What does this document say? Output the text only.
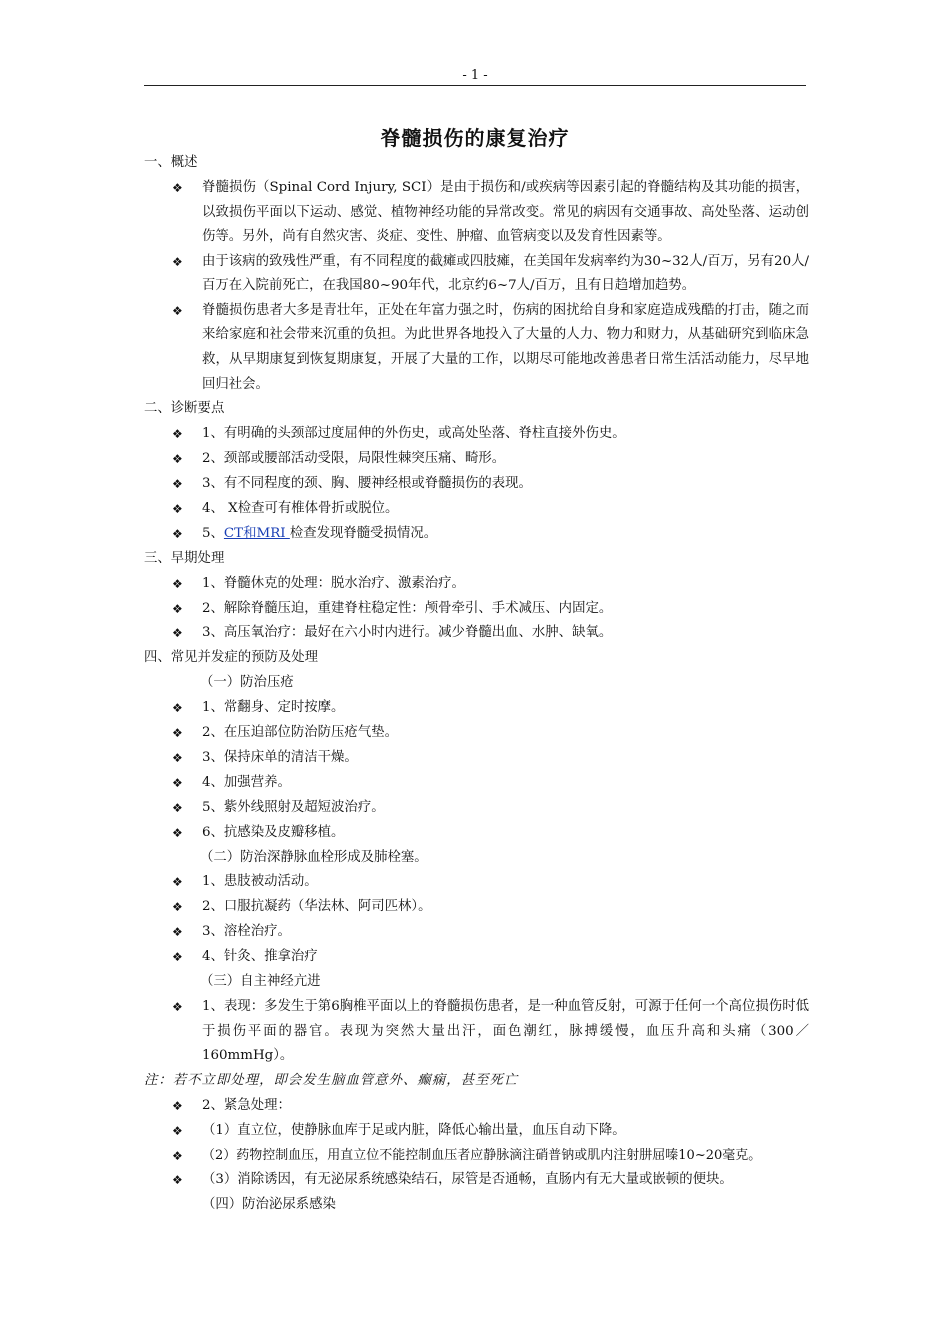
- 1 -
脊髓损伤的康复治疗

一、概述

❖ 脊髓损伤（Spinal Cord Injury, SCI）是由于损伤和/或疾病等因素引起的脊髓结构及其功能的损害，以致损伤平面以下运动、感觉、植物神经功能的异常改变。常见的病因有交通事故、高处坠落、运动创伤等。另外，尚有自然灾害、炎症、变性、肿瘤、血管病变以及发育性因素等。
❖ 由于该病的致残性严重，有不同程度的截瘫或四肢瘫，在美国年发病率约为30~32人/百万，另有20人/百万在入院前死亡，在我国80~90年代，北京约6~7人/百万，且有日趋增加趋势。
❖ 脊髓损伤患者大多是青壮年，正处在年富力强之时，伤病的困扰给自身和家庭造成残酷的打击，随之而来给家庭和社会带来沉重的负担。为此世界各地投入了大量的人力、物力和财力，从基础研究到临床急救，从早期康复到恢复期康复，开展了大量的工作，以期尽可能地改善患者日常生活活动能力，尽早地回归社会。

二、诊断要点

❖ 1、有明确的头颈部过度屈伸的外伤史，或高处坠落、脊柱直接外伤史。
❖ 2、颈部或腰部活动受限，局限性棘突压痛、畸形。
❖ 3、有不同程度的颈、胸、腰神经根或脊髓损伤的表现。
❖ 4、 X检查可有椎体骨折或脱位。
❖ 5、CT和MRI 检查发现脊髓受损情况。

三、早期处理

❖ 1、脊髓休克的处理：脱水治疗、激素治疗。
❖ 2、解除脊髓压迫，重建脊柱稳定性：颅骨牵引、手术减压、内固定。
❖ 3、高压氧治疗：最好在六小时内进行。减少脊髓出血、水肿、缺氧。

四、常见并发症的预防及处理

（一）防治压疮

❖ 1、常翻身、定时按摩。
❖ 2、在压迫部位防治防压疮气垫。
❖ 3、保持床单的清洁干燥。
❖ 4、加强营养。
❖ 5、紫外线照射及超短波治疗。
❖ 6、抗感染及皮瓣移植。

（二）防治深静脉血栓形成及肺栓塞。

❖ 1、患肢被动活动。
❖ 2、口服抗凝药（华法林、阿司匹林）。
❖ 3、溶栓治疗。
❖ 4、针灸、推拿治疗

（三）自主神经亢进

❖ 1、表现：多发生于第6胸椎平面以上的脊髓损伤患者，是一种血管反射，可源于任何一个高位损伤时低于损伤平面的器官。表现为突然大量出汗，面色潮红，脉搏缓慢，血压升高和头痛（300／160mmHg）。

注：若不立即处理，即会发生脑血管意外、癫痫，甚至死亡

❖ 2、紧急处理：
❖ （1）直立位，使静脉血库于足或内脏，降低心输出量，血压自动下降。
❖ （2）药物控制血压，用直立位不能控制血压者应静脉滴注硝普钠或肌内注射肼屈嗪10~20毫克。
❖ （3）消除诱因，有无泌尿系统感染结石，尿管是否通畅，直肠内有无大量或嵌顿的便块。

（四）防治泌尿系感染
